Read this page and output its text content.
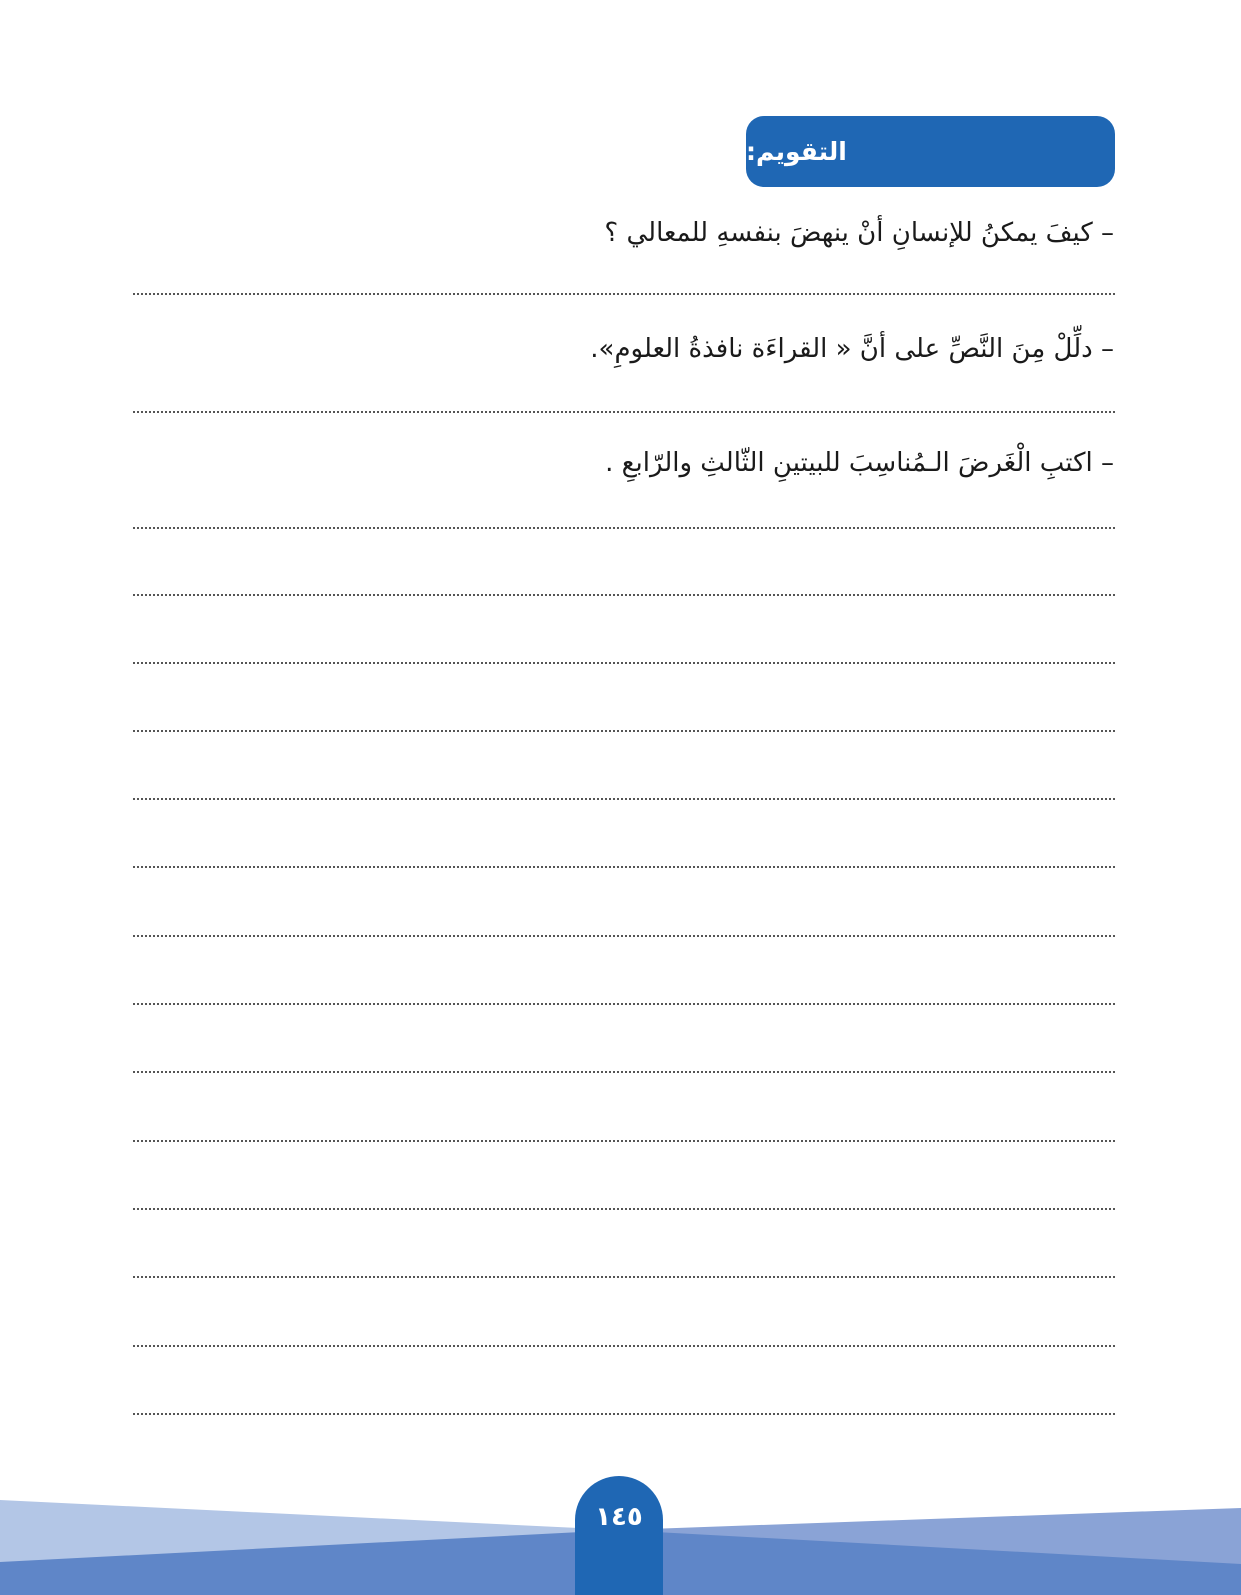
التقويم:
– كيفَ يمكنُ للإنسانِ أنْ ينهضَ بنفسهِ للمعالي ؟
– دلِّلْ مِنَ النَّصِّ على أنَّ « القراءَة نافذةُ العلومِ».
– اكتبِ الْغَرضَ الـمُناسِبَ للبيتينِ الثّالثِ والرّابعِ .
١٤٥
